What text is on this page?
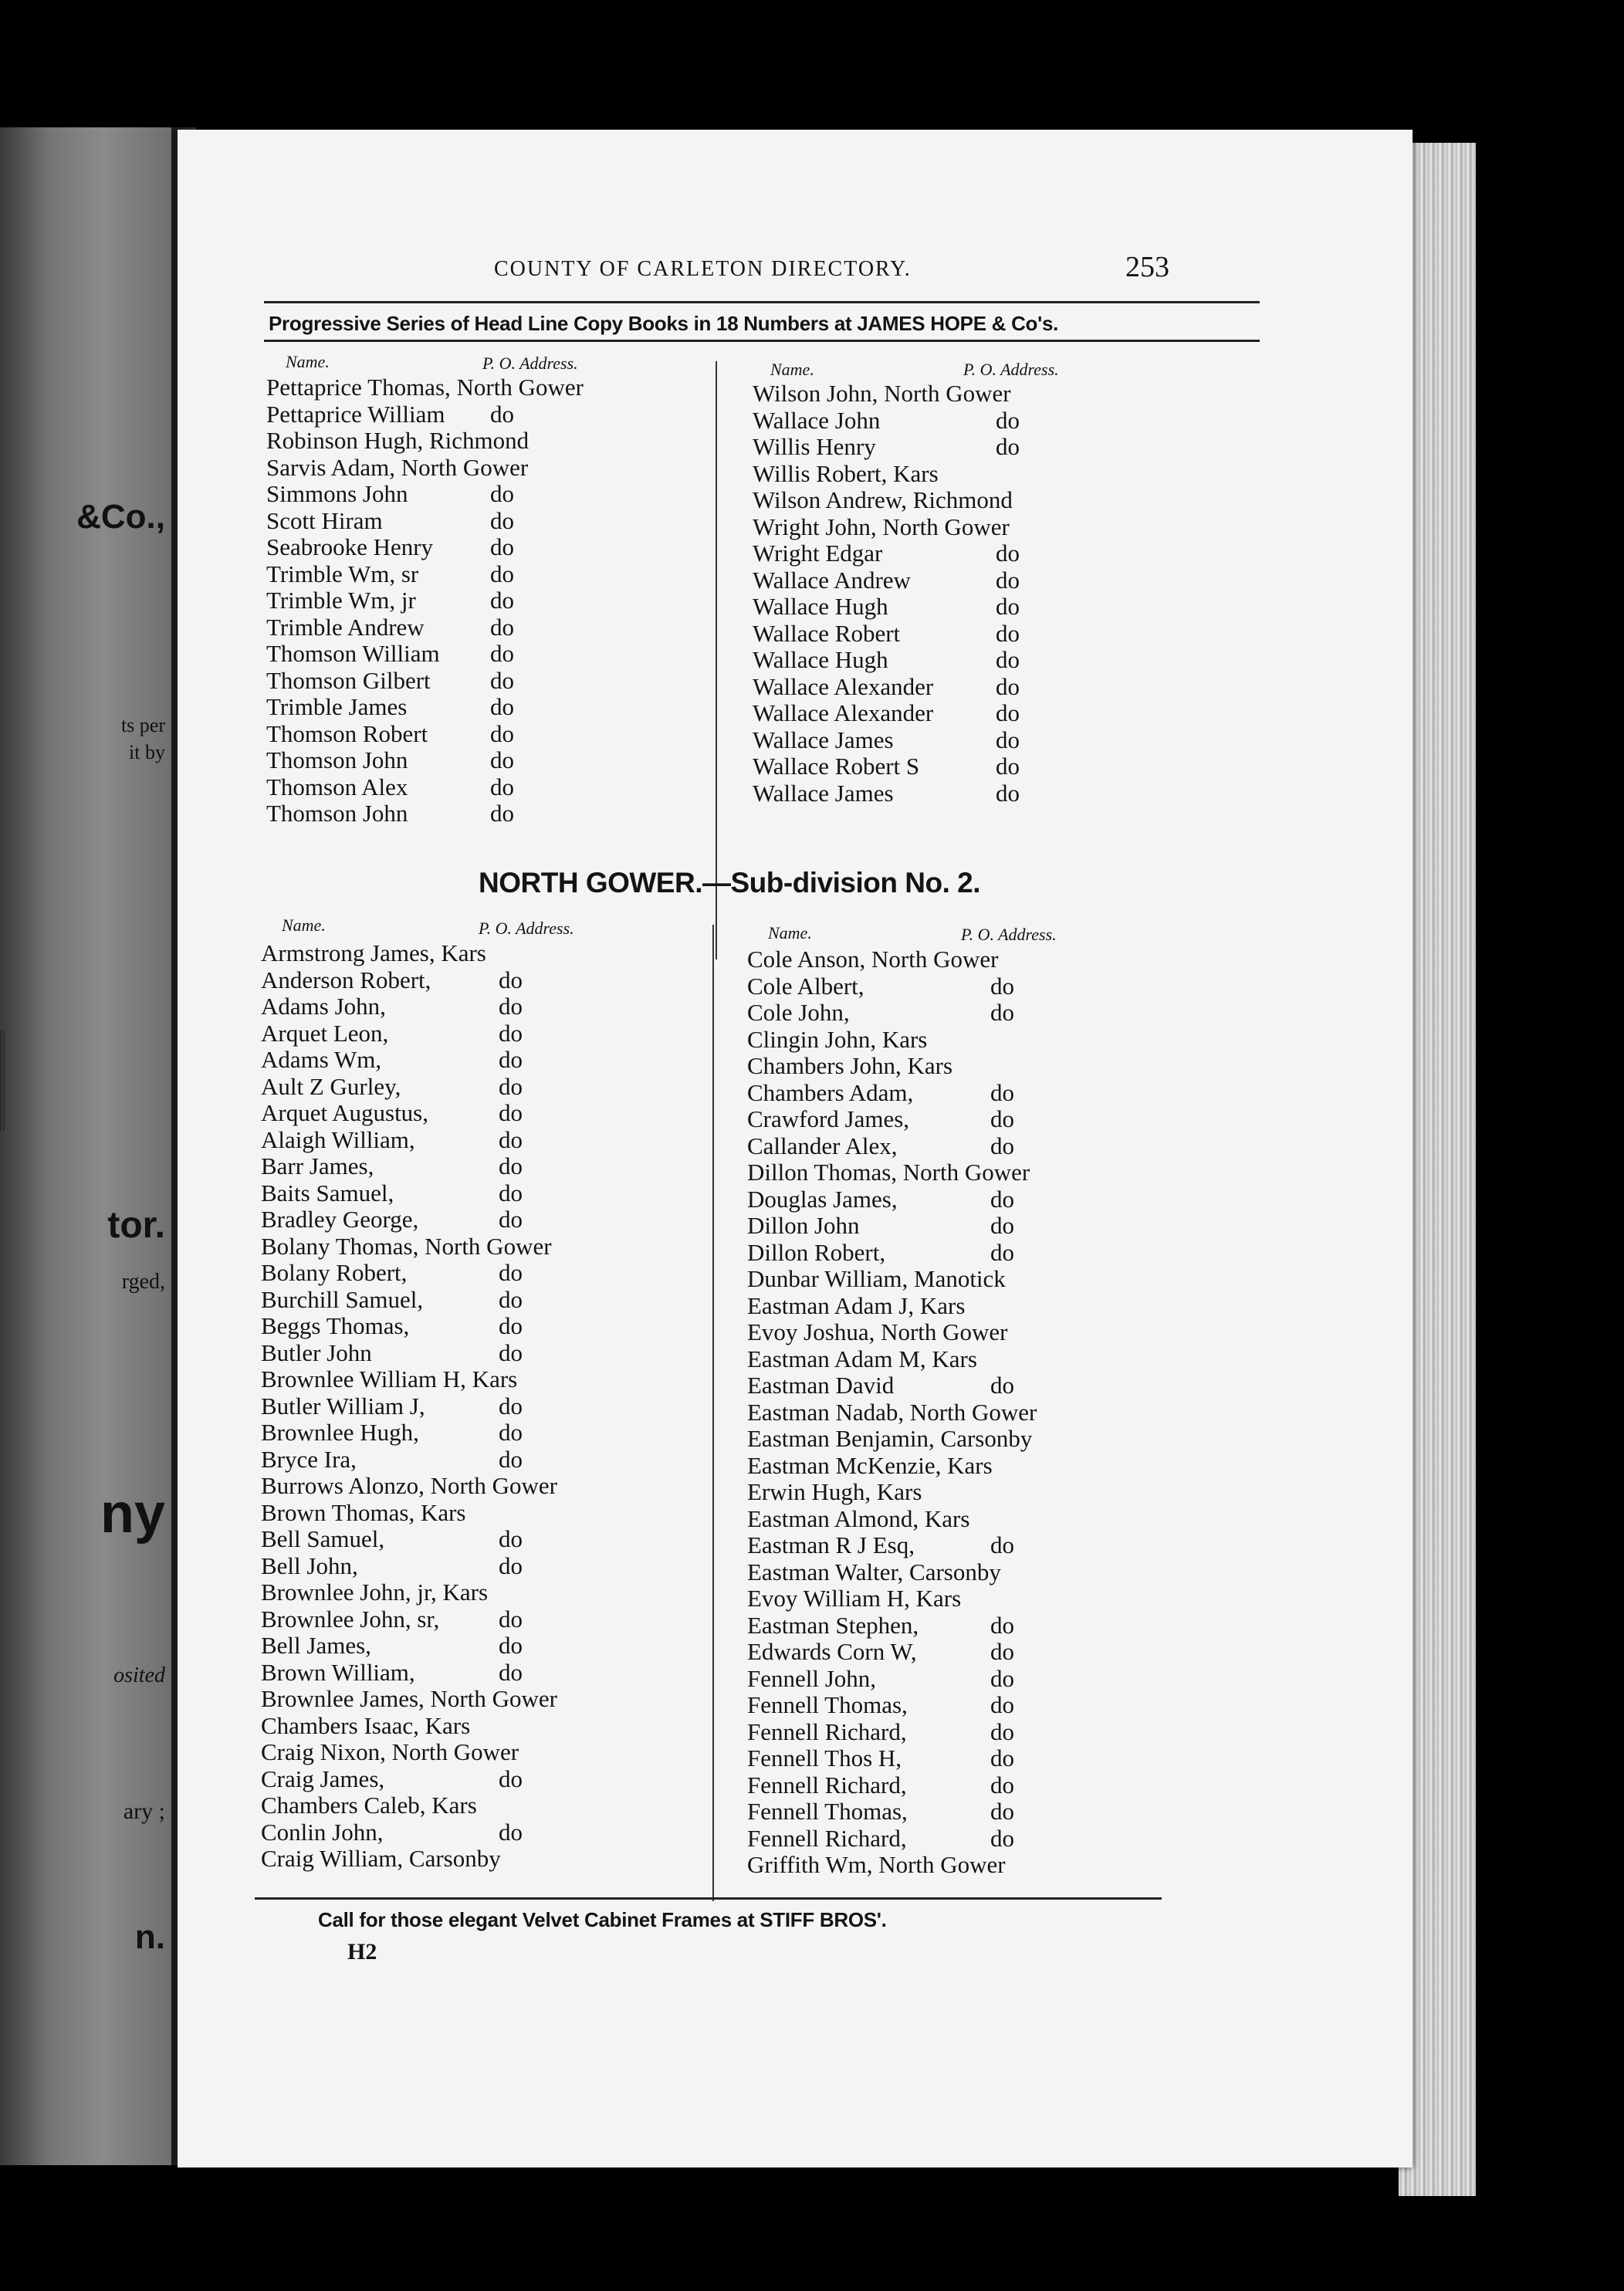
&Co.,
ts per
it by
tor.
rged,
ny
osited
ary ;
n.
COUNTY OF CARLETON DIRECTORY.	253
Progressive Series of Head Line Copy Books in 18 Numbers at JAMES HOPE & Co's.
Name.	P. O. Address.	Name.	P. O. Address.
Pettaprice Thomas, North Gower
Pettaprice William do
Robinson Hugh, Richmond
Sarvis Adam, North Gower
Simmons John	do
Scott Hiram	do
Seabrooke Henry do
Trimble Wm, sr	do
Trimble Wm, jr	do
Trimble Andrew	do
Thomson William do
Thomson Gilbert do
Trimble James	do
Thomson Robert	do
Thomson John	do
Thomson Alex	do
Thomson John	do
Wilson John, North Gower
Wallace John	do
Willis Henry	do
Willis Robert, Kars
Wilson Andrew, Richmond
Wright John, North Gower
Wright Edgar	do
Wallace Andrew	do
Wallace Hugh	do
Wallace Robert	do
Wallace Hugh	do
Wallace Alexander	do
Wallace Alexander	do
Wallace James	do
Wallace Robert S	do
Wallace James	do
NORTH GOWER.—Sub-division No. 2.
Name.	P. O. Address.	Name.	P. O. Address.
Armstrong James, Kars
Anderson Robert,	do
Adams John,	do
Arquet Leon,	do
Adams Wm,	do
Ault Z Gurley,	do
Arquet Augustus,	do
Alaigh William,	do
Barr James,	do
Baits Samuel,	do
Bradley George,	do
Bolany Thomas, North Gower
Bolany Robert,	do
Burchill Samuel,	do
Beggs Thomas,	do
Butler John	do
Brownlee William H, Kars
Butler William J,	do
Brownlee Hugh,	do
Bryce Ira,	do
Burrows Alonzo, North Gower
Brown Thomas, Kars
Bell Samuel,	do
Bell John,	do
Brownlee John, jr, Kars
Brownlee John, sr, do
Bell James,	do
Brown William,	do
Brownlee James, North Gower
Chambers Isaac, Kars
Craig Nixon, North Gower
Craig James,	do
Chambers Caleb, Kars
Conlin John,	do
Craig William, Carsonby
Cole Anson, North Gower
Cole Albert,	do
Cole John,	do
Clingin John, Kars
Chambers John, Kars
Chambers Adam,	do
Crawford James,	do
Callander Alex,	do
Dillon Thomas, North Gower
Douglas James,	do
Dillon John	do
Dillon Robert,	do
Dunbar William, Manotick
Eastman Adam J, Kars
Evoy Joshua, North Gower
Eastman Adam M, Kars
Eastman David	do
Eastman Nadab, North Gower
Eastman Benjamin, Carsonby
Eastman McKenzie, Kars
Erwin Hugh, Kars
Eastman Almond, Kars
Eastman R J Esq,	do
Eastman Walter, Carsonby
Evoy William H, Kars
Eastman Stephen,	do
Edwards Corn W,	do
Fennell John,	do
Fennell Thomas,	do
Fennell Richard,	do
Fennell Thos H,	do
Fennell Richard,	do
Fennell Thomas,	do
Fennell Richard,	do
Griffith Wm, North Gower
Call for those elegant Velvet Cabinet Frames at STIFF BROS'.
H2
